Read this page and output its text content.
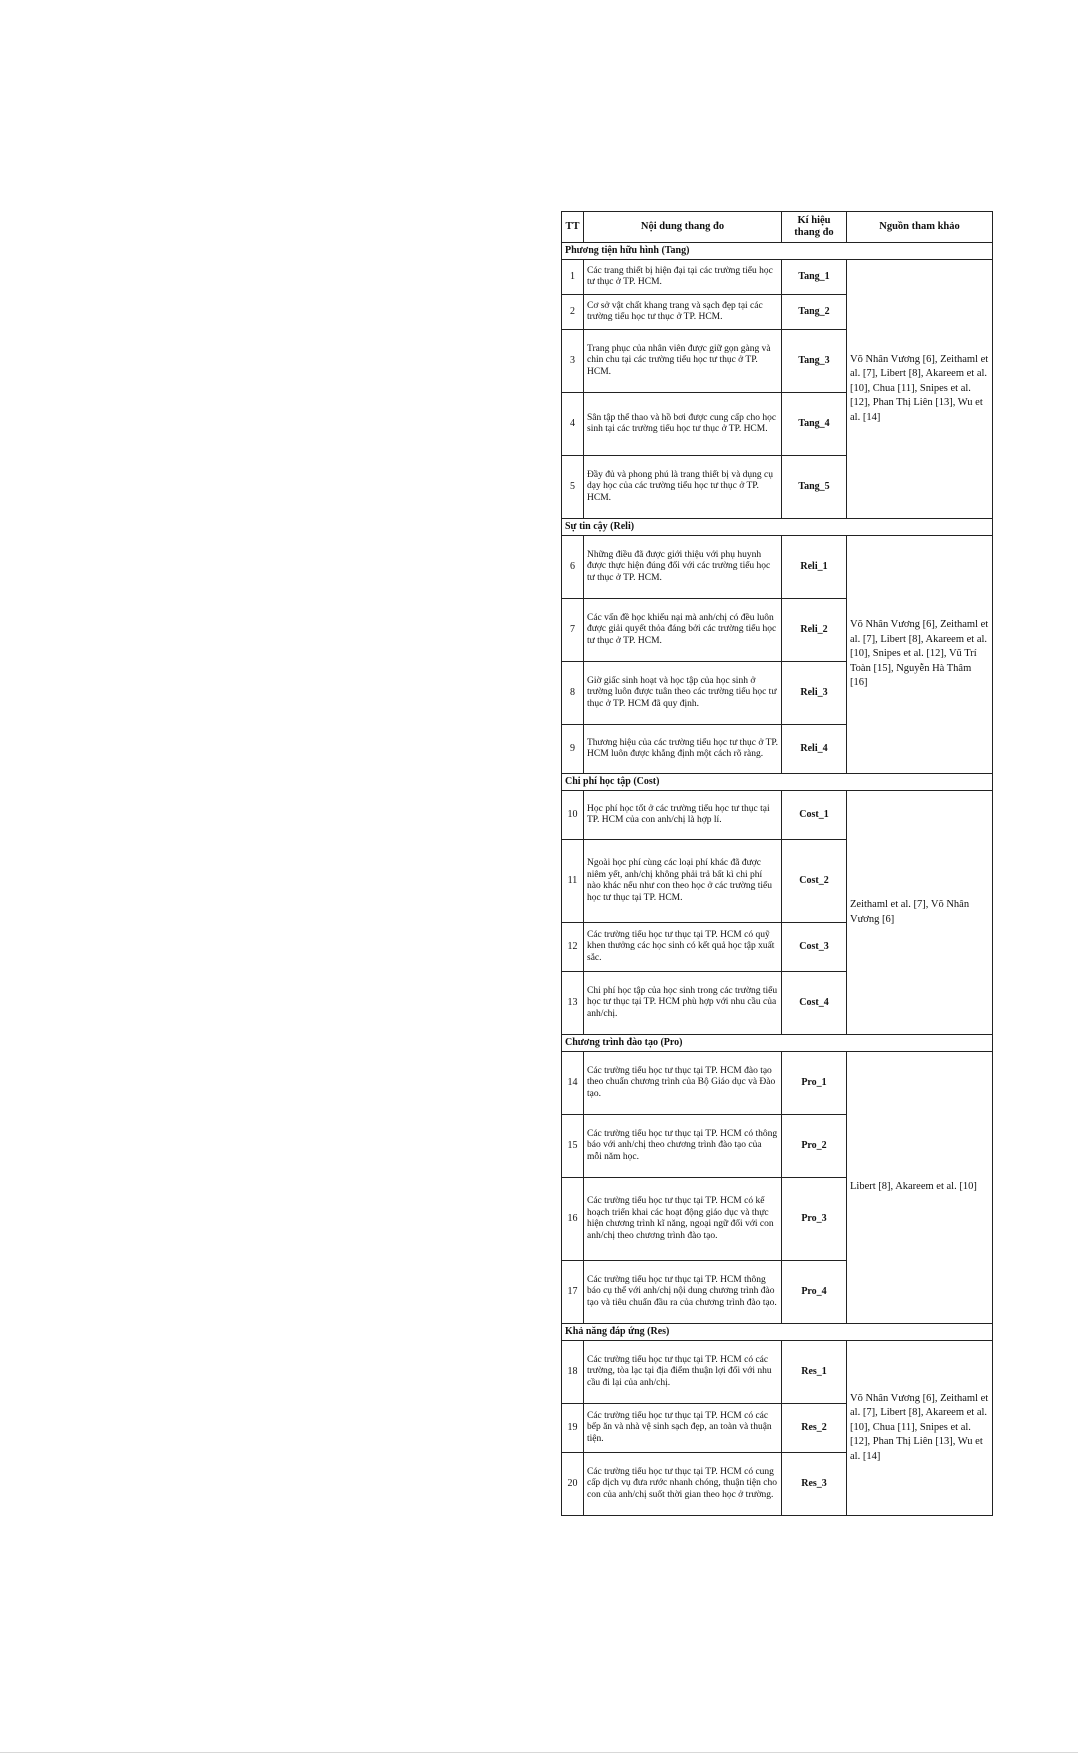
TT	Nội dung thang đo	Kí hiệu thang đo	Nguồn tham khảo
Phương tiện hữu hình (Tang)			
1	Các trang thiết bị hiện đại tại các trường tiểu học tư thục ở TP. HCM.	Tang_1	Võ Nhân Vương [6], Zeithaml et al. [7], Libert [8], Akareem et al. [10], Chua [11], Snipes et al. [12], Phan Thị Liên [13], Wu et al. [14]
2	Cơ sở vật chất khang trang và sạch đẹp tại các trường tiểu học tư thục ở TP. HCM.	Tang_2	
3	Trang phục của nhân viên được giữ gọn gàng và chỉn chu tại các trường tiểu học tư thục ở TP. HCM.	Tang_3	
4	Sân tập thể thao và hồ bơi được cung cấp cho học sinh tại các trường tiểu học tư thục ở TP. HCM.	Tang_4	
5	Đầy đủ và phong phú là trang thiết bị và dụng cụ dạy học của các trường tiểu học tư thục ở TP. HCM.	Tang_5	
Sự tin cậy (Reli)			
6	Những điều đã được giới thiệu với phụ huynh được thực hiện đúng đối với các trường tiểu học tư thục ở TP. HCM.	Reli_1	Võ Nhân Vương [6], Zeithaml et al. [7], Libert [8], Akareem et al. [10], Snipes et al. [12], Vũ Trí Toàn [15], Nguyễn Hà Thâm [16]
7	Các vấn đề học khiếu nại mà anh/chị có đều luôn được giải quyết thỏa đáng bởi các trường tiểu học tư thục ở TP. HCM.	Reli_2	
8	Giờ giấc sinh hoạt và học tập của học sinh ở trường luôn được tuân theo các trường tiểu học tư thục ở TP. HCM đã quy định.	Reli_3	
9	Thương hiệu của các trường tiểu học tư thục ở TP. HCM luôn được khẳng định một cách rõ ràng.	Reli_4	
Chi phí học tập (Cost)			
10	Học phí học tốt ở các trường tiểu học tư thục tại TP. HCM của con anh/chị là hợp lí.	Cost_1	Zeithaml et al. [7], Võ Nhân Vương [6]
11	Ngoài học phí cùng các loại phí khác đã được niêm yết, anh/chị không phải trả bất kì chi phí nào khác nếu như con theo học ở các trường tiểu học tư thục tại TP. HCM.	Cost_2	
12	Các trường tiểu học tư thục tại TP. HCM có quỹ khen thưởng các học sinh có kết quả học tập xuất sắc.	Cost_3	
13	Chi phí học tập của học sinh trong các trường tiểu học tư thục tại TP. HCM phù hợp với nhu cầu của anh/chị.	Cost_4	
Chương trình đào tạo (Pro)			
14	Các trường tiểu học tư thục tại TP. HCM đào tạo theo chuẩn chương trình của Bộ Giáo dục và Đào tạo.	Pro_1	Libert [8], Akareem et al. [10]
15	Các trường tiểu học tư thục tại TP. HCM có thông báo với anh/chị theo chương trình đào tạo của mỗi năm học.	Pro_2	
16	Các trường tiểu học tư thục tại TP. HCM có kế hoạch triển khai các hoạt động giáo dục và thực hiện chương trình kĩ năng, ngoại ngữ đối với con anh/chị theo chương trình đào tạo.	Pro_3	
17	Các trường tiểu học tư thục tại TP. HCM thông báo cụ thể với anh/chị nội dung chương trình đào tạo và tiêu chuẩn đầu ra của chương trình đào tạo.	Pro_4	
Khả năng đáp ứng (Res)			
18	Các trường tiểu học tư thục tại TP. HCM có các trường, tòa lạc tại địa điểm thuận lợi đối với nhu cầu đi lại của anh/chị.	Res_1	Võ Nhân Vương [6], Zeithaml et al. [7], Libert [8], Akareem et al. [10], Chua [11], Snipes et al. [12], Phan Thị Liên [13], Wu et al. [14]
19	Các trường tiểu học tư thục tại TP. HCM có các bếp ăn và nhà vệ sinh sạch đẹp, an toàn và thuận tiện.	Res_2	
20	Các trường tiểu học tư thục tại TP. HCM có cung cấp dịch vụ đưa rước nhanh chóng, thuận tiện cho con của anh/chị suốt thời gian theo học ở trường.	Res_3	
